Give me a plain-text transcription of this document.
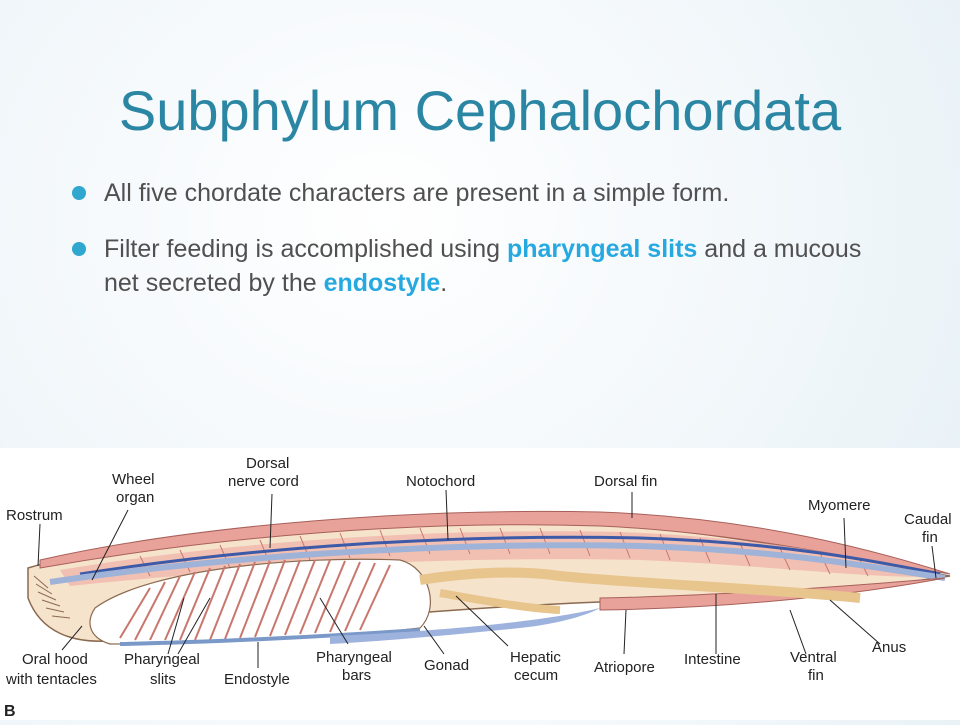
Subphylum Cephalochordata
All five chordate characters are present in a simple form.
Filter feeding is accomplished using pharyngeal slits and a mucous net secreted by the endostyle.
Rostrum
Wheel
organ
Dorsal
nerve cord	Notochord	Dorsal fin
Myomere
Caudal
fin
Oral hood
with tentacles
Pharyngeal
slits	Endostyle
Pharyngeal
bars
Gonad	Hepatic
cecum Atriopore Intestine	Ventral
fin
Anus
B
